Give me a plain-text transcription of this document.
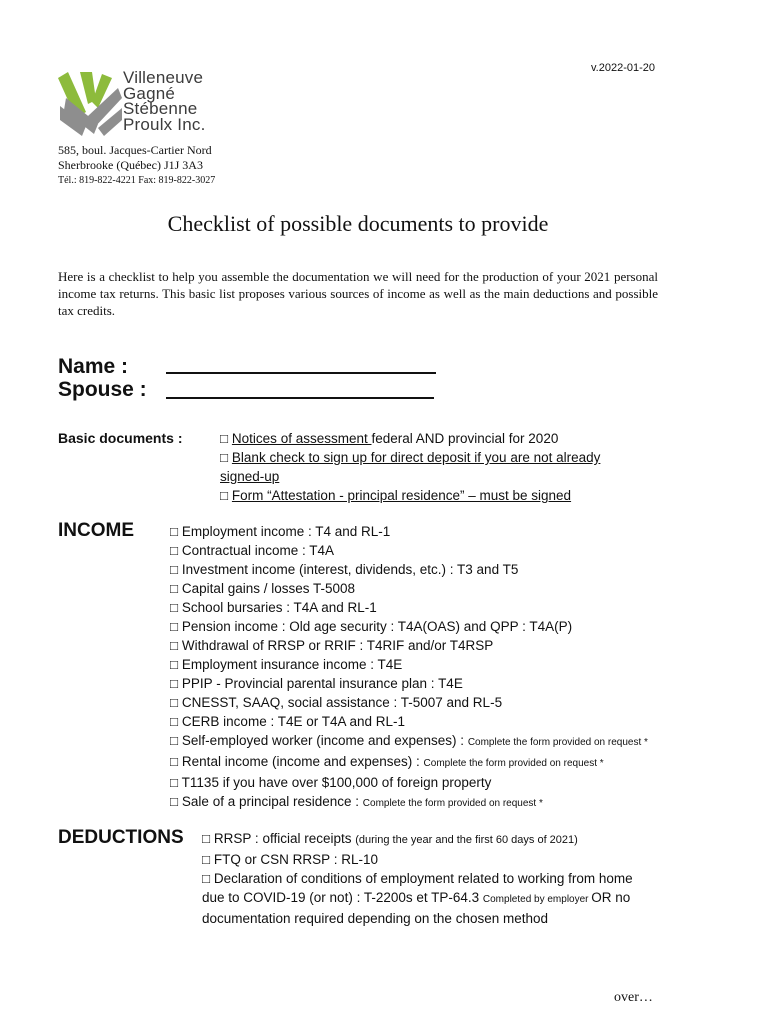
v.2022-01-20
Villeneuve
Gagné
Stébenne
Proulx Inc.
585, boul. Jacques-Cartier Nord
Sherbrooke (Québec) J1J 3A3
Tél.: 819-822-4221 Fax: 819-822-3027
Checklist of possible documents to provide
Here is a checklist to help you assemble the documentation we will need for the production of your 2021 personal income tax returns. This basic list proposes various sources of income as well as the main deductions and possible tax credits.
Name :
Spouse :
Basic documents :	□ Notices of assessment federal AND provincial for 2020
□ Blank check to sign up for direct deposit if you are not already
signed-up
□ Form “Attestation - principal residence” – must be signed
INCOME	□ Employment income : T4 and RL-1
□ Contractual income : T4A
□ Investment income (interest, dividends, etc.) : T3 and T5
□ Capital gains / losses T-5008
□ School bursaries : T4A and RL-1
□ Pension income : Old age security : T4A(OAS) and QPP : T4A(P)
□ Withdrawal of RRSP or RRIF : T4RIF and/or T4RSP
□ Employment insurance income : T4E
□ PPIP - Provincial parental insurance plan : T4E
□ CNESST, SAAQ, social assistance : T-5007 and RL-5
□ CERB income : T4E or T4A and RL-1
□ Self-employed worker (income and expenses) : Complete the form provided on request *
□ Rental income (income and expenses) : Complete the form provided on request *
□ T1135 if you have over $100,000 of foreign property
□ Sale of a principal residence : Complete the form provided on request *
DEDUCTIONS □ RRSP : official receipts (during the year and the first 60 days of 2021)
□ FTQ or CSN RRSP : RL-10
□ Declaration of conditions of employment related to working from home
due to COVID-19 (or not) : T-2200s et TP-64.3 Completed by employer OR no
documentation required depending on the chosen method
over…
